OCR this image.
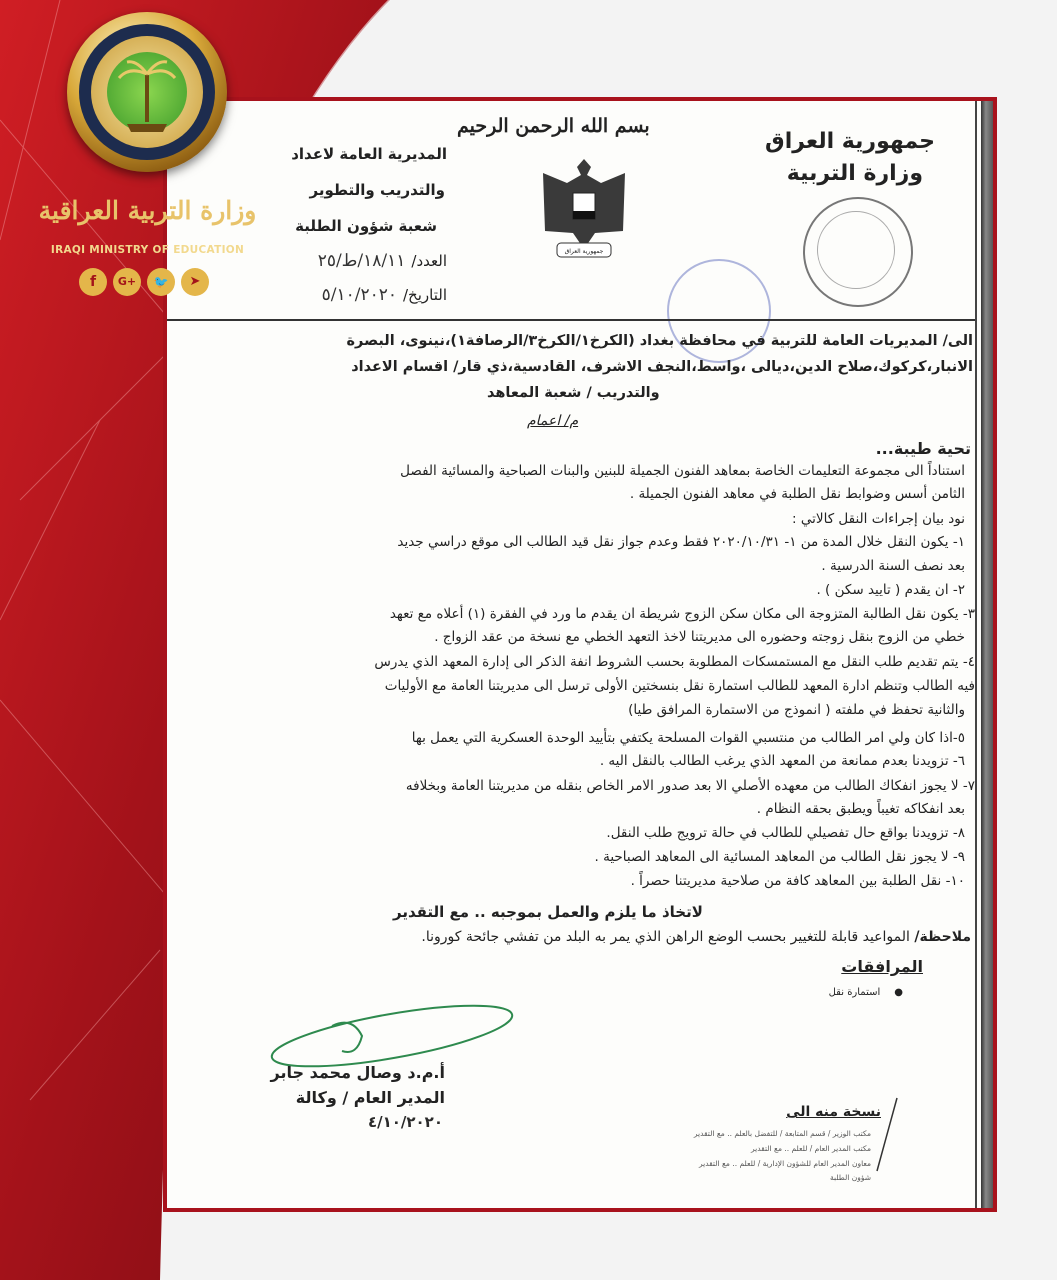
وزارة التربية العراقية
IRAQI MINISTRY OF EDUCATION
f	G+	🐦	➤
بسم الله الرحمن الرحيم
جمهورية العراق
وزارة التربية
المديرية العامة لاعداد
والتدريب والتطوير
شعبة شؤون الطلبة
العدد/
١٨/١١/ط/٢٥
التاريخ/
٥/١٠/٢٠٢٠
جمهورية العراق
الى/ المديريات العامة للتربية في محافظة بغداد (الكرخ١/الكرخ٣/الرصافة١)،نينوى، البصرة
الانبار،كركوك،صلاح الدين،ديالى ،واسط،النجف الاشرف، القادسية،ذي قار/ اقسام الاعداد
والتدريب / شعبة المعاهد
م/ اعمام
تحية طيبة...
استناداً الى مجموعة التعليمات الخاصة بمعاهد الفنون الجميلة للبنين والبنات الصباحية والمسائية الفصل
الثامن أسس وضوابط نقل الطلبة في معاهد الفنون الجميلة .
نود بيان إجراءات النقل كالاتي :
١- يكون النقل خلال المدة من ١- ٢٠٢٠/١٠/٣١ فقط وعدم جواز نقل قيد الطالب الى موقع دراسي جديد
بعد نصف السنة الدرسية .
٢- ان يقدم ( تاييد سكن ) .
٣- يكون نقل الطالبة المتزوجة الى مكان سكن الزوج شريطة ان يقدم ما ورد في الفقرة (١) أعلاه مع تعهد
خطي من الزوج بنقل زوجته وحضوره الى مديريتنا لاخذ التعهد الخطي مع نسخة من عقد الزواج .
٤- يتم تقديم طلب النقل مع المستمسكات المطلوبة بحسب الشروط انفة الذكر الى إدارة المعهد الذي يدرس
فيه الطالب وتنظم ادارة المعهد للطالب استمارة نقل بنسختين الأولى ترسل الى مديريتنا العامة مع الأوليات
والثانية تحفظ في ملفته ( انموذج من الاستمارة المرافق طيا)
٥-اذا كان ولي امر الطالب من منتسبي القوات المسلحة يكتفي بتأييد الوحدة العسكرية التي يعمل بها
٦- تزويدنا بعدم ممانعة من المعهد الذي يرغب الطالب بالنقل اليه .
٧- لا يجوز انفكاك الطالب من معهده الأصلي الا بعد صدور الامر الخاص بنقله من مديريتنا العامة وبخلافه
بعد انفكاكه تغيباً ويطبق بحقه النظام .
٨- تزويدنا بواقع حال تفصيلي للطالب في حالة ترويج طلب النقل.
٩- لا يجوز نقل الطالب من المعاهد المسائية الى المعاهد الصباحية .
١٠- نقل الطلبة بين المعاهد كافة من صلاحية مديريتنا حصراً .
لاتخاذ ما يلزم والعمل بموجبه .. مع التقدير
ملاحظة/ المواعيد قابلة للتغيير بحسب الوضع الراهن الذي يمر به البلد من تفشي جائحة كورونا.
المرافقات
●استمارة نقل
أ.م.د وصال محمد جابر
المدير العام / وكالة
٤/١٠/٢٠٢٠
نسخة منه الى
مكتب الوزير / قسم المتابعة / للتفضل بالعلم .. مع التقدير
مكتب المدير العام / للعلم .. مع التقدير
معاون المدير العام للشؤون الإدارية / للعلم .. مع التقدير
شؤون الطلبة
